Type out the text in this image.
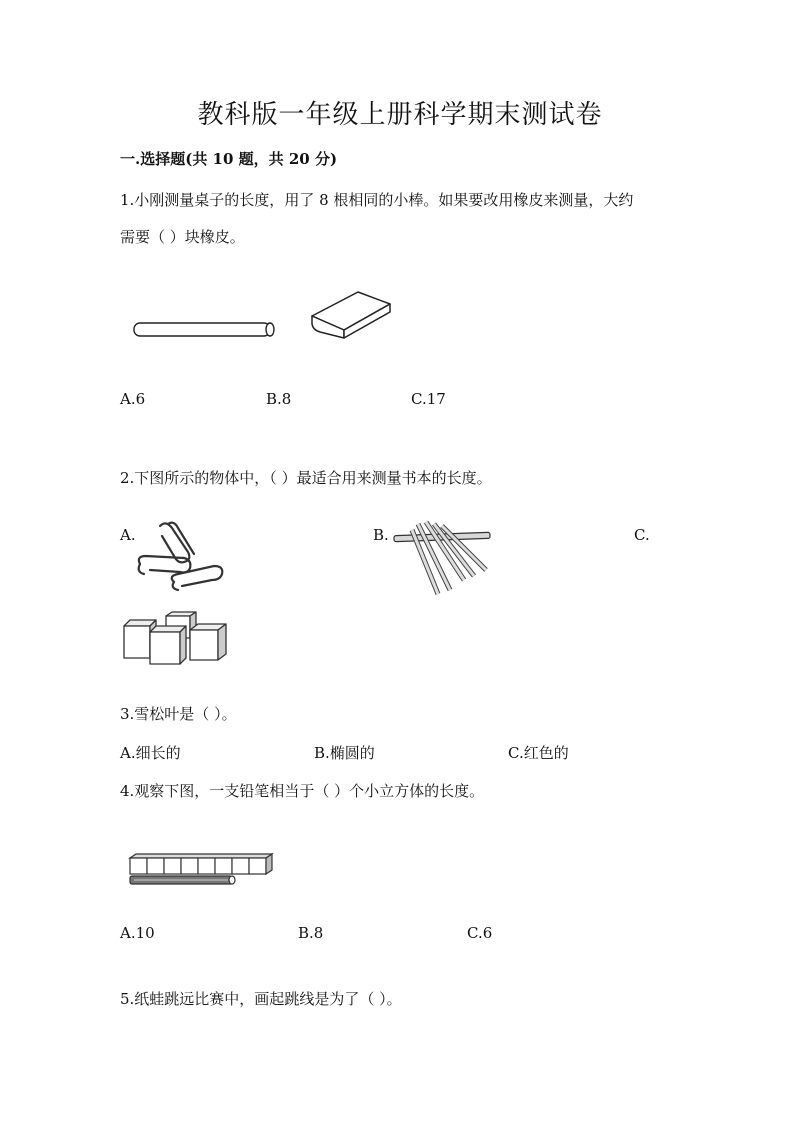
教科版一年级上册科学期末测试卷
一.选择题(共 10 题，共 20 分)
1.小刚测量桌子的长度，用了 8 根相同的小棒。如果要改用橡皮来测量，大约
需要（ ）块橡皮。
A.6	B.8	C.17
2.下图所示的物体中，（ ）最适合用来测量书本的长度。
A.	B.	C.
3.雪松叶是（ ）。
A.细长的	B.椭圆的	C.红色的
4.观察下图，一支铅笔相当于（ ）个小立方体的长度。
A.10	B.8	C.6
5.纸蛙跳远比赛中，画起跳线是为了（ ）。
